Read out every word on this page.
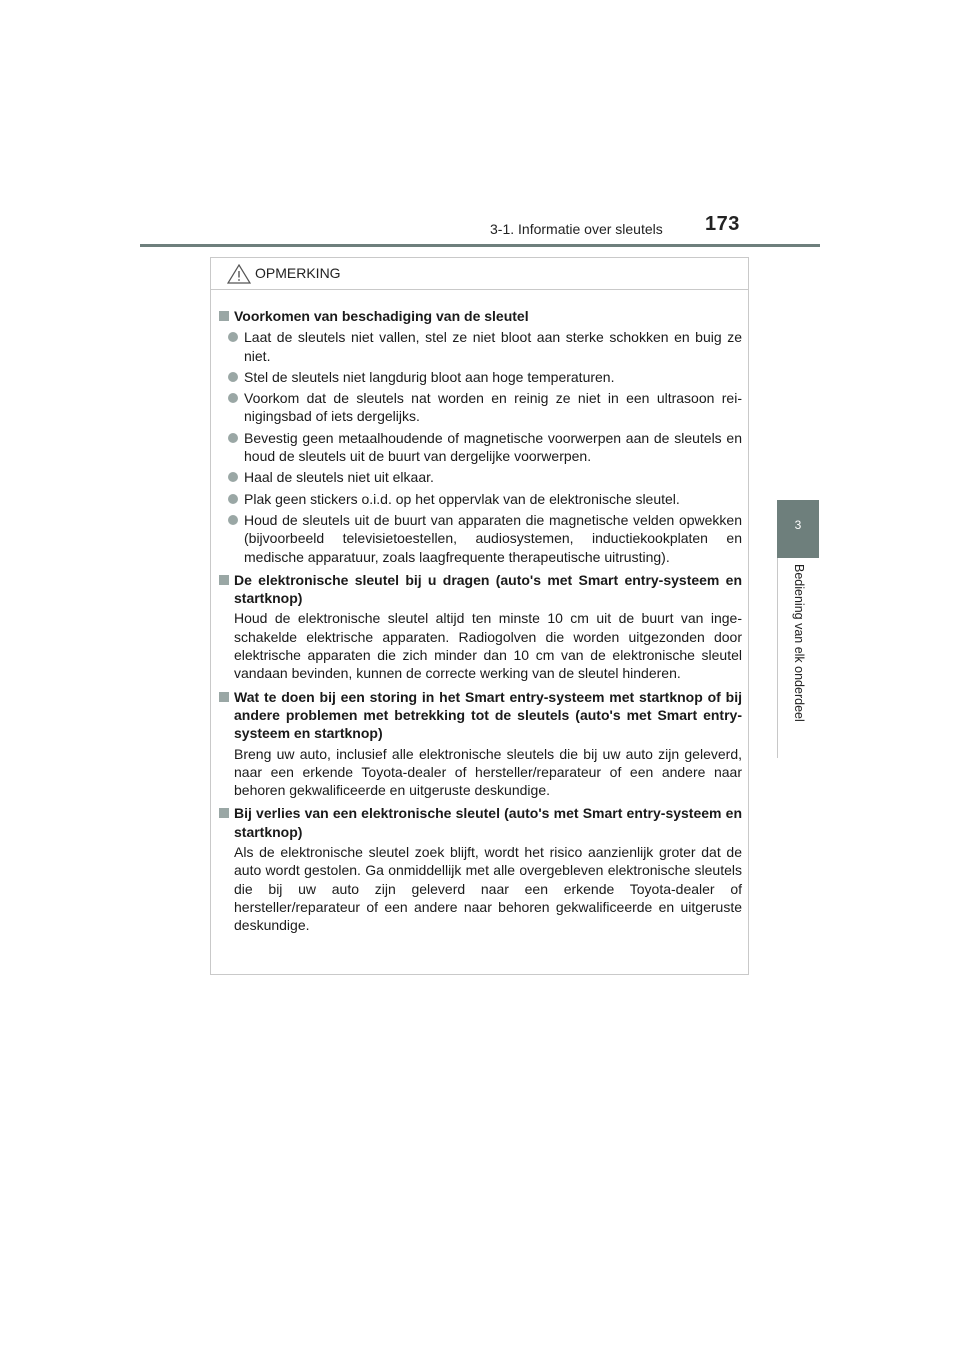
3-1. Informatie over sleutels 173
3
Bediening van elk onderdeel
OPMERKING
Voorkomen van beschadiging van de sleutel
Laat de sleutels niet vallen, stel ze niet bloot aan sterke schokken en buig ze niet.
Stel de sleutels niet langdurig bloot aan hoge temperaturen.
Voorkom dat de sleutels nat worden en reinig ze niet in een ultrasoon reinigingsbad of iets dergelijks.
Bevestig geen metaalhoudende of magnetische voorwerpen aan de sleutels en houd de sleutels uit de buurt van dergelijke voorwerpen.
Haal de sleutels niet uit elkaar.
Plak geen stickers o.i.d. op het oppervlak van de elektronische sleutel.
Houd de sleutels uit de buurt van apparaten die magnetische velden opwekken (bijvoorbeeld televisietoestellen, audiosystemen, inductiekookplaten en medische apparatuur, zoals laagfrequente therapeutische uitrusting).
De elektronische sleutel bij u dragen (auto's met Smart entry-systeem en startknop)
Houd de elektronische sleutel altijd ten minste 10 cm uit de buurt van ingeschakelde elektrische apparaten. Radiogolven die worden uitgezonden door elektrische apparaten die zich minder dan 10 cm van de elektronische sleutel vandaan bevinden, kunnen de correcte werking van de sleutel hinderen.
Wat te doen bij een storing in het Smart entry-systeem met startknop of bij andere problemen met betrekking tot de sleutels (auto's met Smart entry-systeem en startknop)
Breng uw auto, inclusief alle elektronische sleutels die bij uw auto zijn geleverd, naar een erkende Toyota-dealer of hersteller/reparateur of een andere naar behoren gekwalificeerde en uitgeruste deskundige.
Bij verlies van een elektronische sleutel (auto's met Smart entry-systeem en startknop)
Als de elektronische sleutel zoek blijft, wordt het risico aanzienlijk groter dat de auto wordt gestolen. Ga onmiddellijk met alle overgebleven elektronische sleutels die bij uw auto zijn geleverd naar een erkende Toyota-dealer of hersteller/reparateur of een andere naar behoren gekwalificeerde en uitgeruste deskundige.
